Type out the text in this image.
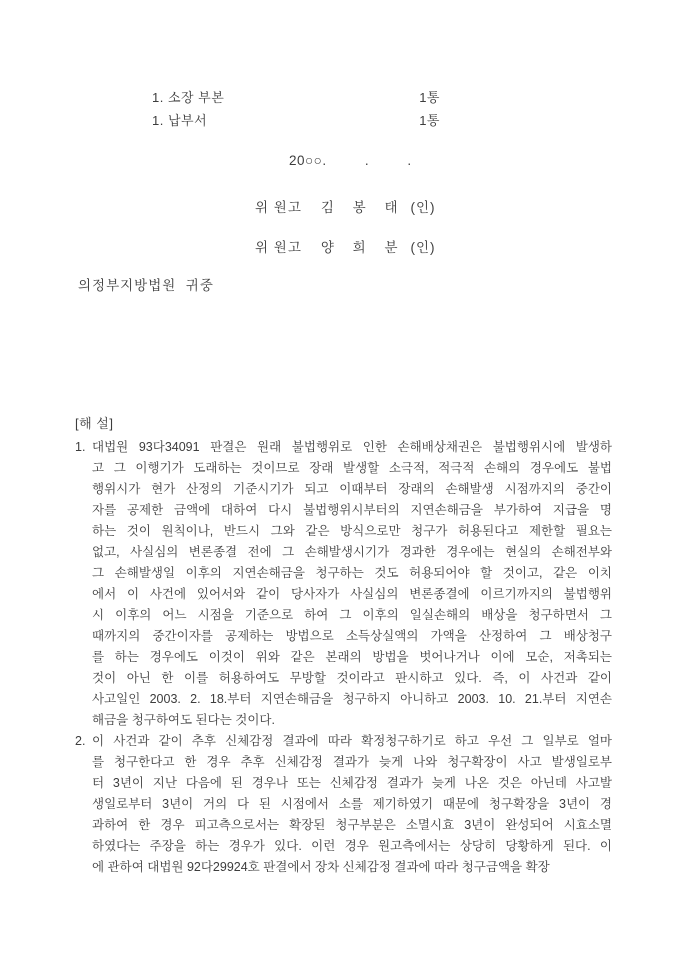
1. 소장 부본	1통
1. 납부서	1통
20○○.         .         .
위 원고 김 봉 태 (인)
위 원고 양 희 분 (인)
의정부지방법원  귀중
[해 설]
1. 대법원 93다34091 판결은 원래 불법행위로 인한 손해배상채권은 불법행위시에 발생하
고 그 이행기가 도래하는 것이므로 장래 발생할 소극적, 적극적 손해의 경우에도 불법
행위시가 현가 산정의 기준시기가 되고 이때부터 장래의 손해발생 시점까지의 중간이
자를 공제한 금액에 대하여 다시 불법행위시부터의 지연손해금을 부가하여 지급을 명
하는 것이 원칙이나, 반드시 그와 같은 방식으로만 청구가 허용된다고 제한할 필요는
없고, 사실심의 변론종결 전에 그 손해발생시기가 경과한 경우에는 현실의 손해전부와
그 손해발생일 이후의 지연손해금을 청구하는 것도 허용되어야 할 것이고, 같은 이치
에서 이 사건에 있어서와 같이 당사자가 사실심의 변론종결에 이르기까지의 불법행위
시 이후의 어느 시점을 기준으로 하여 그 이후의 일실손해의 배상을 청구하면서 그
때까지의 중간이자를 공제하는 방법으로 소득상실액의 가액을 산정하여 그 배상청구
를 하는 경우에도 이것이 위와 같은 본래의 방법을 벗어나거나 이에 모순, 저촉되는
것이 아닌 한 이를 허용하여도 무방할 것이라고 판시하고 있다. 즉, 이 사건과 같이
사고일인 2003. 2. 18.부터 지연손해금을 청구하지 아니하고 2003. 10. 21.부터 지연손
해금을 청구하여도 된다는 것이다.
2. 이 사건과 같이 추후 신체감정 결과에 따라 확정청구하기로 하고 우선 그 일부로 얼마
를 청구한다고 한 경우 추후 신체감정 결과가 늦게 나와 청구확장이 사고 발생일로부
터 3년이 지난 다음에 된 경우나 또는 신체감정 결과가 늦게 나온 것은 아닌데 사고발
생일로부터 3년이 거의 다 된 시점에서 소를 제기하였기 때문에 청구확장을 3년이 경
과하여 한 경우 피고측으로서는 확장된 청구부분은 소멸시효 3년이 완성되어 시효소멸
하였다는 주장을 하는 경우가 있다. 이런 경우 원고측에서는 상당히 당황하게 된다. 이
에 관하여 대법원 92다29924호 판결에서 장차 신체감정 결과에 따라 청구금액을 확장
